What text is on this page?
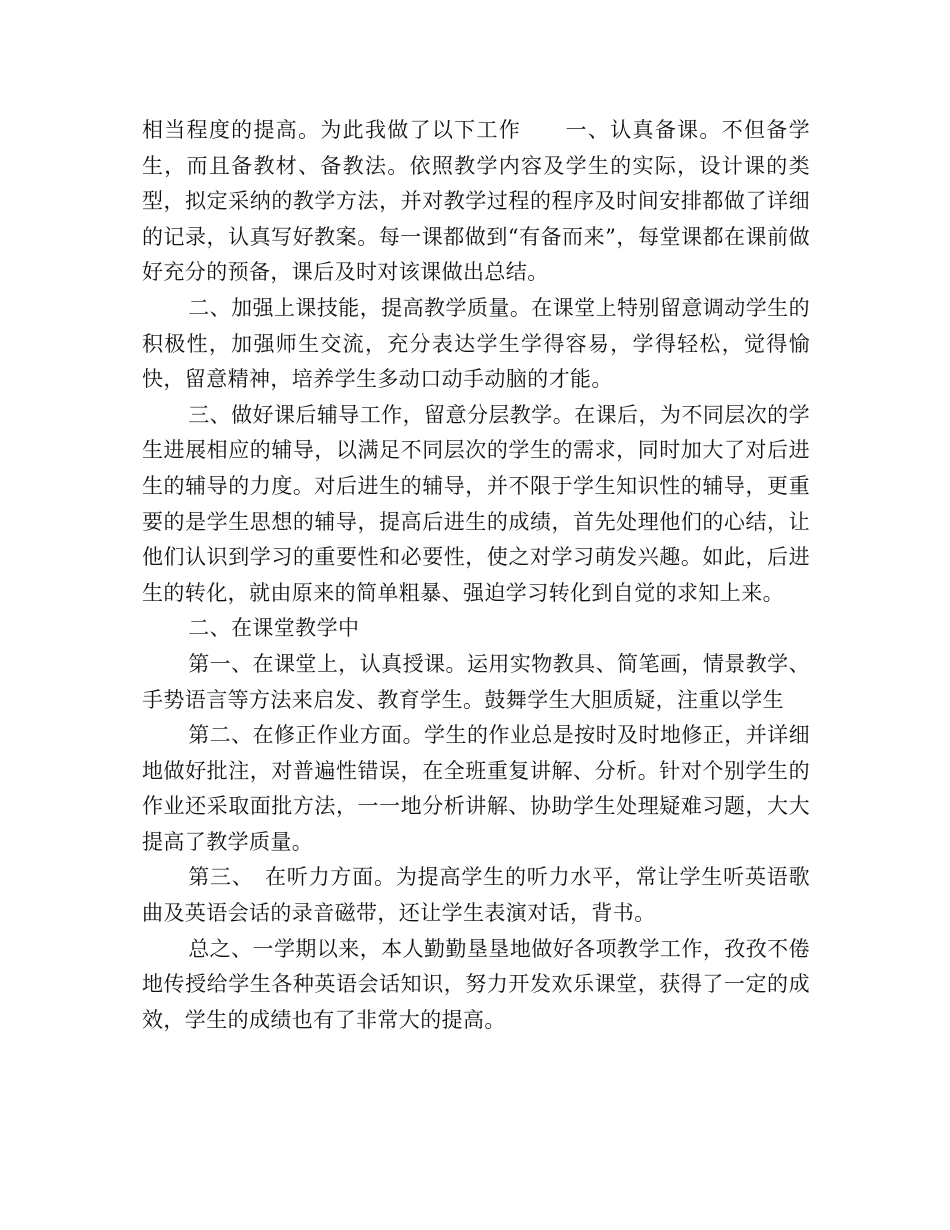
相当程度的提高。为此我做了以下工作　　一、认真备课。不但备学生，而且备教材、备教法。依照教学内容及学生的实际，设计课的类型，拟定采纳的教学方法，并对教学过程的程序及时间安排都做了详细的记录，认真写好教案。每一课都做到“有备而来”，每堂课都在课前做好充分的预备，课后及时对该课做出总结。

二、加强上课技能，提高教学质量。在课堂上特别留意调动学生的积极性，加强师生交流，充分表达学生学得容易，学得轻松，觉得愉快，留意精神，培养学生多动口动手动脑的才能。

三、做好课后辅导工作，留意分层教学。在课后，为不同层次的学生进展相应的辅导，以满足不同层次的学生的需求，同时加大了对后进生的辅导的力度。对后进生的辅导，并不限于学生知识性的辅导，更重要的是学生思想的辅导，提高后进生的成绩，首先处理他们的心结，让他们认识到学习的重要性和必要性，使之对学习萌发兴趣。如此，后进生的转化，就由原来的简单粗暴、强迫学习转化到自觉的求知上来。

二、在课堂教学中

第一、在课堂上，认真授课。运用实物教具、简笔画，情景教学、手势语言等方法来启发、教育学生。鼓舞学生大胆质疑，注重以学生

第二、在修正作业方面。学生的作业总是按时及时地修正，并详细地做好批注，对普遍性错误，在全班重复讲解、分析。针对个别学生的作业还采取面批方法，一一地分析讲解、协助学生处理疑难习题，大大提高了教学质量。

第三、　在听力方面。为提高学生的听力水平，常让学生听英语歌曲及英语会话的录音磁带，还让学生表演对话，背书。

总之、一学期以来，本人勤勤垦垦地做好各项教学工作，孜孜不倦地传授给学生各种英语会话知识，努力开发欢乐课堂，获得了一定的成效，学生的成绩也有了非常大的提高。
